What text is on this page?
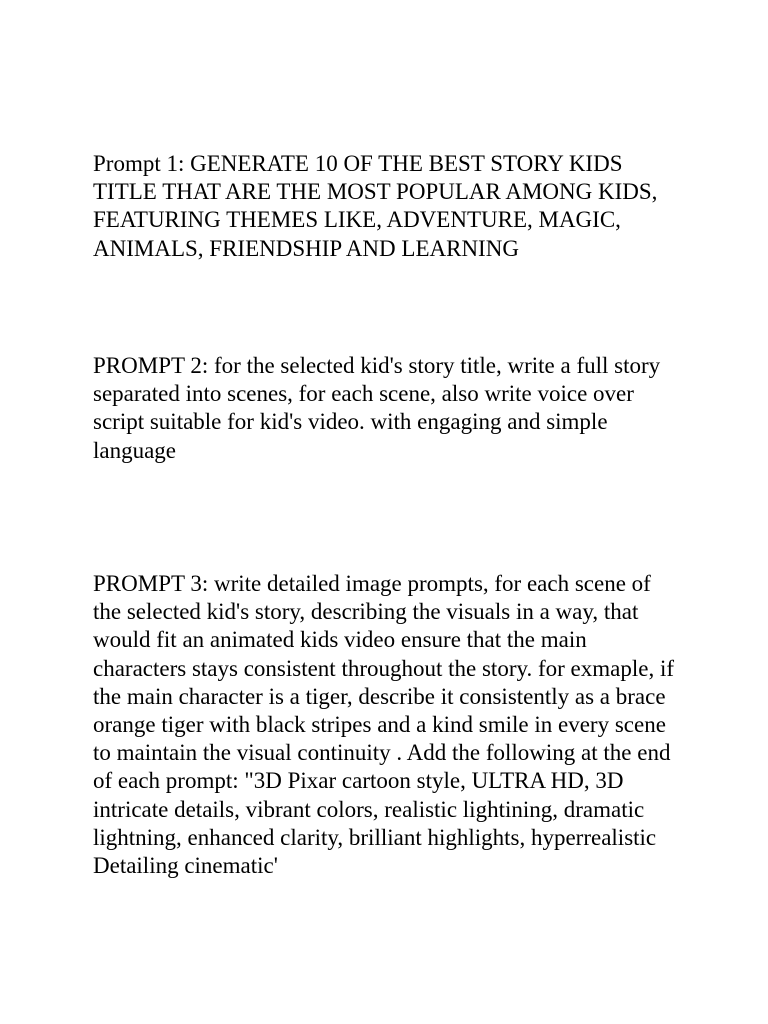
Prompt 1: GENERATE 10 OF THE BEST STORY KIDS TITLE THAT ARE THE MOST POPULAR AMONG KIDS, FEATURING THEMES LIKE, ADVENTURE, MAGIC, ANIMALS, FRIENDSHIP AND LEARNING

PROMPT 2: for the selected kid's story title, write a full story separated into scenes, for each scene, also write voice over script suitable for kid's video. with engaging and simple language

PROMPT 3: write detailed image prompts, for each scene of the selected kid's story, describing the visuals in a way, that would fit an animated kids video ensure that the main characters stays consistent throughout the story. for exmaple, if the main character is a tiger, describe it consistently as a brace orange tiger with black stripes and a kind smile in every scene to maintain the visual continuity . Add the following at the end of each prompt: "3D Pixar cartoon style, ULTRA HD, 3D intricate details, vibrant colors, realistic lightining, dramatic lightning, enhanced clarity, brilliant highlights, hyperrealistic Detailing cinematic'
